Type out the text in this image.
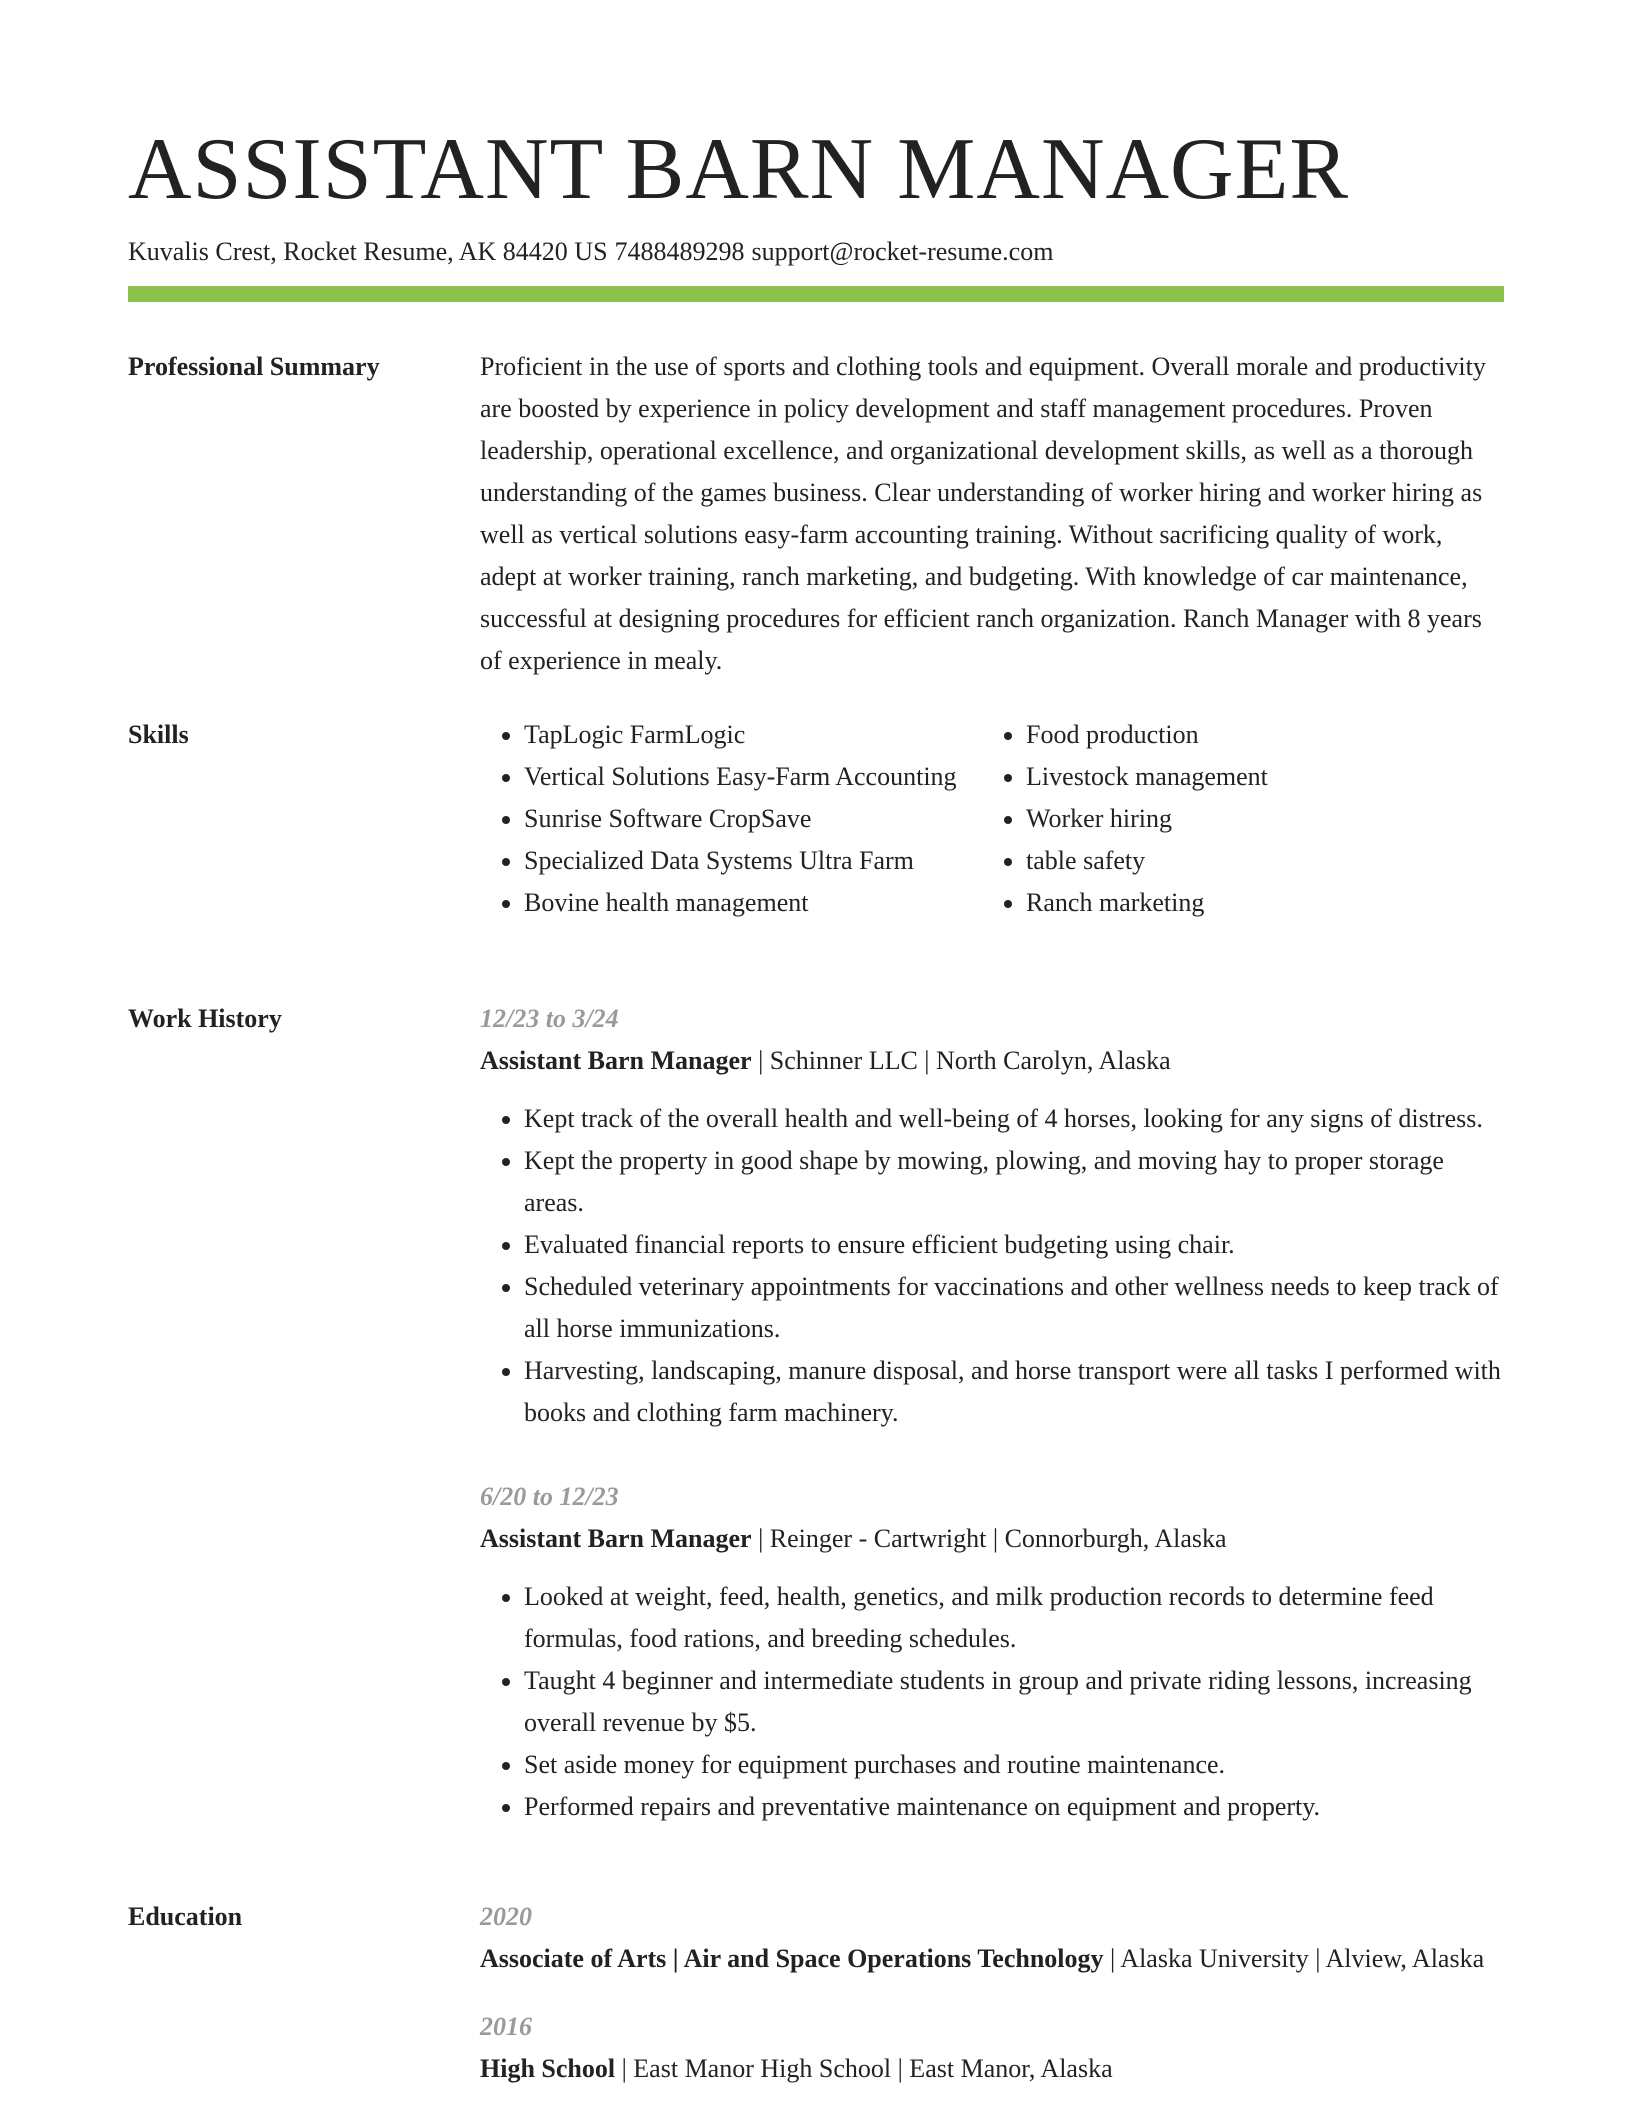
ASSISTANT BARN MANAGER
Kuvalis Crest, Rocket Resume, AK 84420 US 7488489298 support@rocket-resume.com
Professional Summary	Proficient in the use of sports and clothing tools and equipment. Overall morale and productivity are boosted by experience in policy development and staff management procedures. Proven leadership, operational excellence, and organizational development skills, as well as a thorough understanding of the games business. Clear understanding of worker hiring and worker hiring as well as vertical solutions easy-farm accounting training. Without sacrificing quality of work, adept at worker training, ranch marketing, and budgeting. With knowledge of car maintenance, successful at designing procedures for efficient ranch organization. Ranch Manager with 8 years of experience in mealy.

Skills
•	TapLogic FarmLogic
• Vertical Solutions Easy-Farm Accounting
• Sunrise Software CropSave
• Specialized Data Systems Ultra Farm
• Bovine health management
• Food production
• Livestock management
• Worker hiring
• table safety
• Ranch marketing
Work History	12/23 to 3/24
Assistant Barn Manager | Schinner LLC | North Carolyn, Alaska
• Kept track of the overall health and well-being of 4 horses, looking for any signs of distress.
• Kept the property in good shape by mowing, plowing, and moving hay to proper storage areas.
• Evaluated financial reports to ensure efficient budgeting using chair.
• Scheduled veterinary appointments for vaccinations and other wellness needs to keep track of all horse immunizations.
• Harvesting, landscaping, manure disposal, and horse transport were all tasks I performed with books and clothing farm machinery.
6/20 to 12/23
Assistant Barn Manager | Reinger - Cartwright | Connorburgh, Alaska
• Looked at weight, feed, health, genetics, and milk production records to determine feed formulas, food rations, and breeding schedules.
• Taught 4 beginner and intermediate students in group and private riding lessons, increasing overall revenue by $5.
• Set aside money for equipment purchases and routine maintenance.
• Performed repairs and preventative maintenance on equipment and property.
Education	2020
Associate of Arts | Air and Space Operations Technology | Alaska University | Alview, Alaska
2016
High School | East Manor High School | East Manor, Alaska
